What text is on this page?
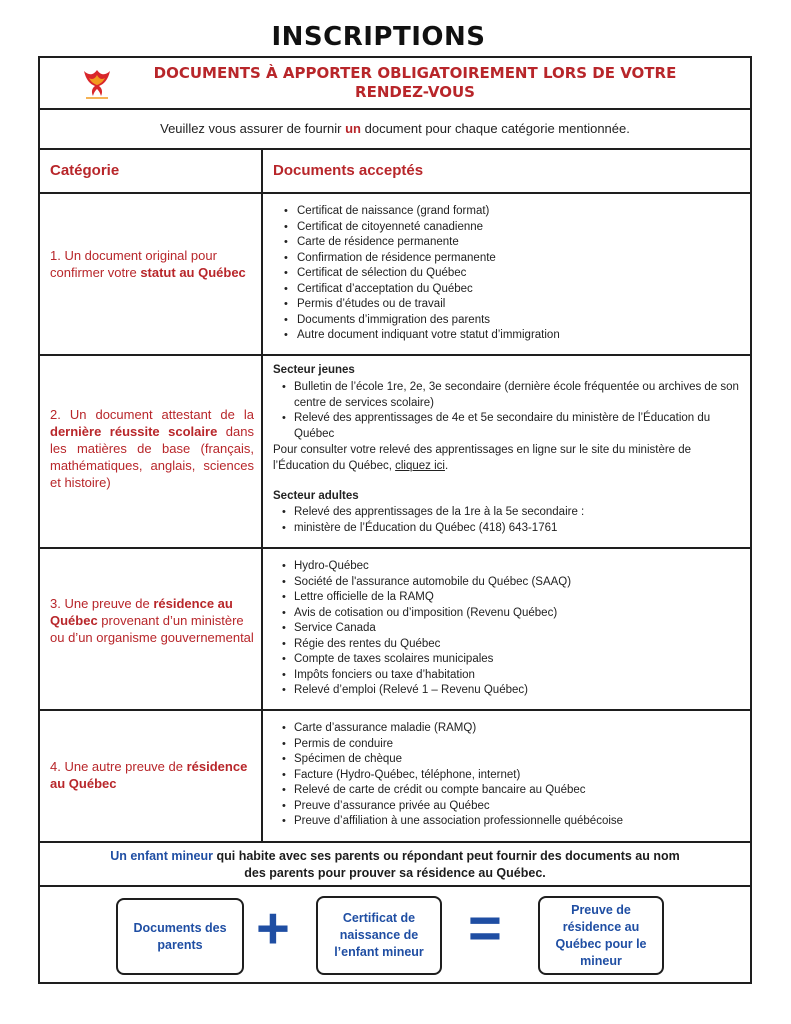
INSCRIPTIONS
DOCUMENTS À APPORTER OBLIGATOIREMENT LORS DE VOTRE
RENDEZ-VOUS
Veuillez vous assurer de fournir un document pour chaque catégorie mentionnée.
Catégorie	Documents acceptés
1. Un document original pour confirmer votre statut au Québec
• Certificat de naissance (grand format)
• Certificat de citoyenneté canadienne
• Carte de résidence permanente
• Confirmation de résidence permanente
• Certificat de sélection du Québec
• Certificat d’acceptation du Québec
• Permis d’études ou de travail
• Documents d’immigration des parents
• Autre document indiquant votre statut d’immigration
2. Un document attestant de la dernière réussite scolaire dans les matières de base (français, mathématiques, anglais, sciences et histoire)
Secteur jeunes
• Bulletin de l’école 1re, 2e, 3e secondaire (dernière école fréquentée ou archives de son centre de services scolaire)
• Relevé des apprentissages de 4e et 5e secondaire du ministère de l’Éducation du Québec
Pour consulter votre relevé des apprentissages en ligne sur le site du ministère de l’Éducation du Québec, cliquez ici.
Secteur adultes
• Relevé des apprentissages de la 1re à la 5e secondaire :
• ministère de l’Éducation du Québec (418) 643-1761
3. Une preuve de résidence au Québec provenant d’un ministère ou d’un organisme gouvernemental
• Hydro-Québec
• Société de l'assurance automobile du Québec (SAAQ)
• Lettre officielle de la RAMQ
• Avis de cotisation ou d’imposition (Revenu Québec)
• Service Canada
• Régie des rentes du Québec
• Compte de taxes scolaires municipales
• Impôts fonciers ou taxe d’habitation
• Relevé d’emploi (Relevé 1 – Revenu Québec)
4. Une autre preuve de résidence au Québec
• Carte d’assurance maladie (RAMQ)
• Permis de conduire
• Spécimen de chèque
• Facture (Hydro-Québec, téléphone, internet)
• Relevé de carte de crédit ou compte bancaire au Québec
• Preuve d’assurance privée au Québec
• Preuve d’affiliation à une association professionnelle québécoise
Un enfant mineur qui habite avec ses parents ou répondant peut fournir des documents au nom des parents pour prouver sa résidence au Québec.
Documents des parents +	Certificat de naissance de l’enfant mineur =	Preuve de résidence au Québec pour le mineur
